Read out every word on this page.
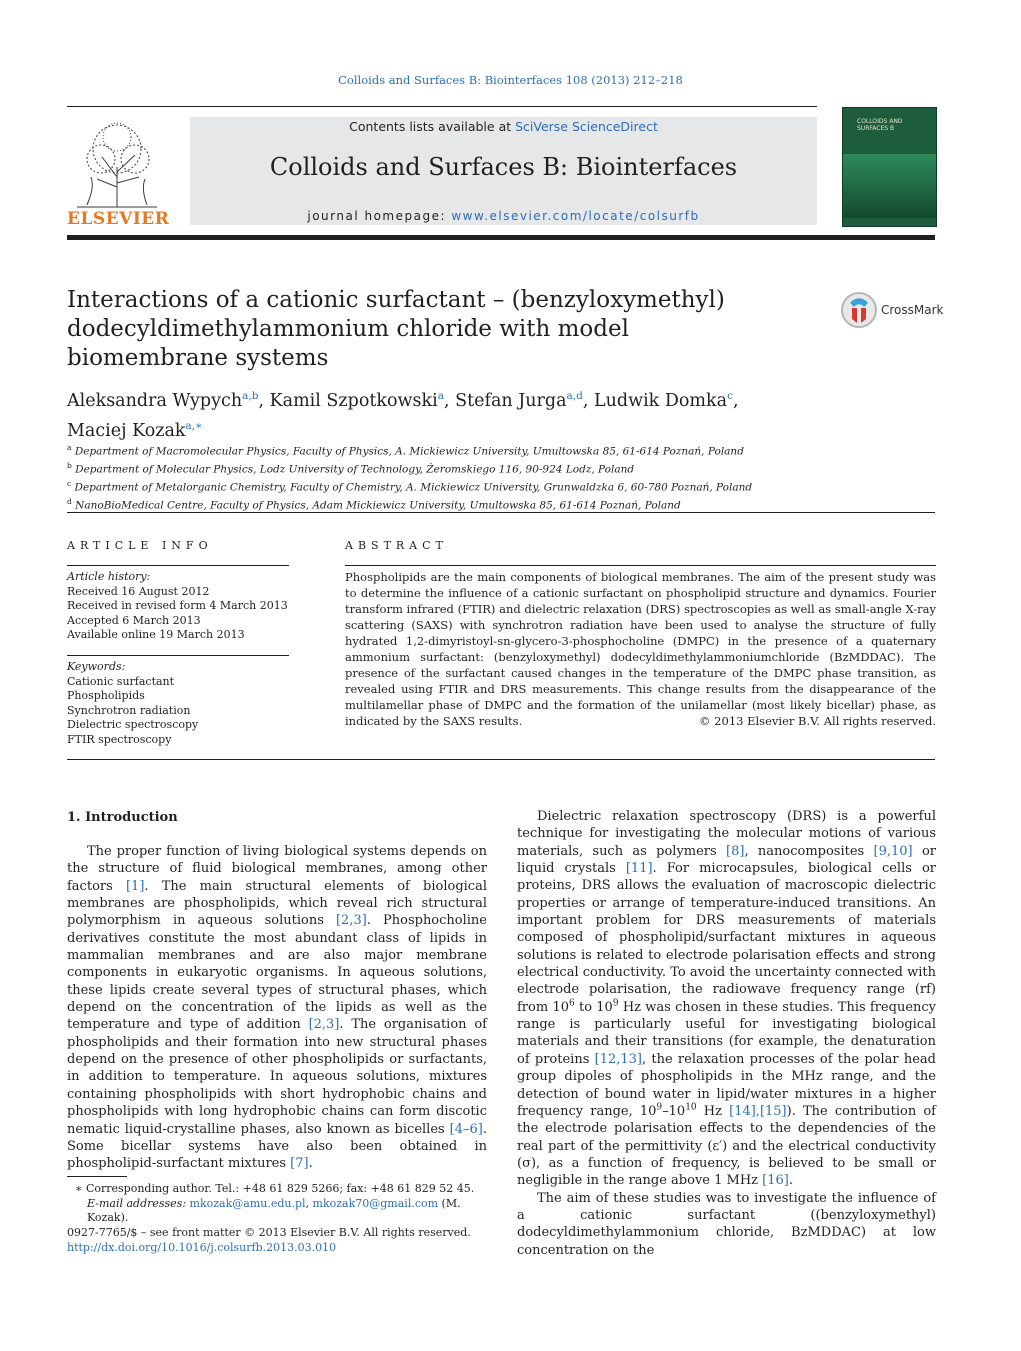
Colloids and Surfaces B: Biointerfaces 108 (2013) 212–218
ELSEVIER
Contents lists available at SciVerse ScienceDirect
Colloids and Surfaces B: Biointerfaces
journal homepage: www.elsevier.com/locate/colsurfb
COLLOIDS AND SURFACES B
Interactions of a cationic surfactant – (benzyloxymethyl) dodecyldimethylammonium chloride with model biomembrane systems
CrossMark
Aleksandra Wypych$^{a,b}$, Kamil Szpotkowski$^a$, Stefan Jurga$^{a,d}$, Ludwik Domka$^c$,
Maciej Kozak$^{a,∗}$
$^a$ Department of Macromolecular Physics, Faculty of Physics, A. Mickiewicz University, Umultowska 85, 61-614 Poznań, Poland
$^b$ Department of Molecular Physics, Lodz University of Technology, Żeromskiego 116, 90-924 Lodz, Poland
$^c$ Department of Metalorganic Chemistry, Faculty of Chemistry, A. Mickiewicz University, Grunwaldzka 6, 60-780 Poznań, Poland
$^d$ NanoBioMedical Centre, Faculty of Physics, Adam Mickiewicz University, Umultowska 85, 61-614 Poznań, Poland
ARTICLE INFO
Article history:
Received 16 August 2012
Received in revised form 4 March 2013
Accepted 6 March 2013
Available online 19 March 2013
Keywords:
Cationic surfactant
Phospholipids
Synchrotron radiation
Dielectric spectroscopy
FTIR spectroscopy
ABSTRACT
Phospholipids are the main components of biological membranes. The aim of the present study was to determine the influence of a cationic surfactant on phospholipid structure and dynamics. Fourier transform infrared (FTIR) and dielectric relaxation (DRS) spectroscopies as well as small-angle X-ray scattering (SAXS) with synchrotron radiation have been used to analyse the structure of fully hydrated 1,2-dimyristoyl-sn-glycero-3-phosphocholine (DMPC) in the presence of a quaternary ammonium surfactant: (benzyloxymethyl) dodecyldimethylammoniumchloride (BzMDDAC). The presence of the surfactant caused changes in the temperature of the DMPC phase transition, as revealed using FTIR and DRS measurements. This change results from the disappearance of the multilamellar phase of DMPC and the formation of the unilamellar (most likely bicellar) phase, as indicated by the SAXS results.	© 2013 Elsevier B.V. All rights reserved.
1. Introduction

The proper function of living biological systems depends on the structure of fluid biological membranes, among other factors [1]. The main structural elements of biological membranes are phospholipids, which reveal rich structural polymorphism in aqueous solutions [2,3]. Phosphocholine derivatives constitute the most abundant class of lipids in mammalian membranes and are also major membrane components in eukaryotic organisms. In aqueous solutions, these lipids create several types of structural phases, which depend on the concentration of the lipids as well as the temperature and type of addition [2,3]. The organisation of phospholipids and their formation into new structural phases depend on the presence of other phospholipids or surfactants, in addition to temperature. In aqueous solutions, mixtures containing phospholipids with short hydrophobic chains and phospholipids with long hydrophobic chains can form discotic nematic liquid-crystalline phases, also known as bicelles [4–6]. Some bicellar systems have also been obtained in phospholipid-surfactant mixtures [7].

Dielectric relaxation spectroscopy (DRS) is a powerful technique for investigating the molecular motions of various materials, such as polymers [8], nanocomposites [9,10] or liquid crystals [11]. For microcapsules, biological cells or proteins, DRS allows the evaluation of macroscopic dielectric properties or arrange of temperature-induced transitions. An important problem for DRS measurements of materials composed of phospholipid/surfactant mixtures in aqueous solutions is related to electrode polarisation effects and strong electrical conductivity. To avoid the uncertainty connected with electrode polarisation, the radiowave frequency range (rf) from $10^6$ to $10^9$ Hz was chosen in these studies. This frequency range is particularly useful for investigating biological materials and their transitions (for example, the denaturation of proteins [12,13], the relaxation processes of the polar head group dipoles of phospholipids in the MHz range, and the detection of bound water in lipid/water mixtures in a higher frequency range, $10^9-10^{10}$ Hz [14],[15]). The contribution of the electrode polarisation effects to the dependencies of the real part of the permittivity (ε′) and the electrical conductivity (σ), as a function of frequency, is believed to be small or negligible in the range above 1 MHz [16].

The aim of these studies was to investigate the influence of a cationic surfactant ((benzyloxymethyl) dodecyldimethylammonium chloride, BzMDDAC) at low concentration on the

∗ Corresponding author. Tel.: +48 61 829 5266; fax: +48 61 829 52 45.
E-mail addresses: mkozak@amu.edu.pl, mkozak70@gmail.com (M. Kozak).
0927-7765/$ – see front matter © 2013 Elsevier B.V. All rights reserved.
http://dx.doi.org/10.1016/j.colsurfb.2013.03.010
